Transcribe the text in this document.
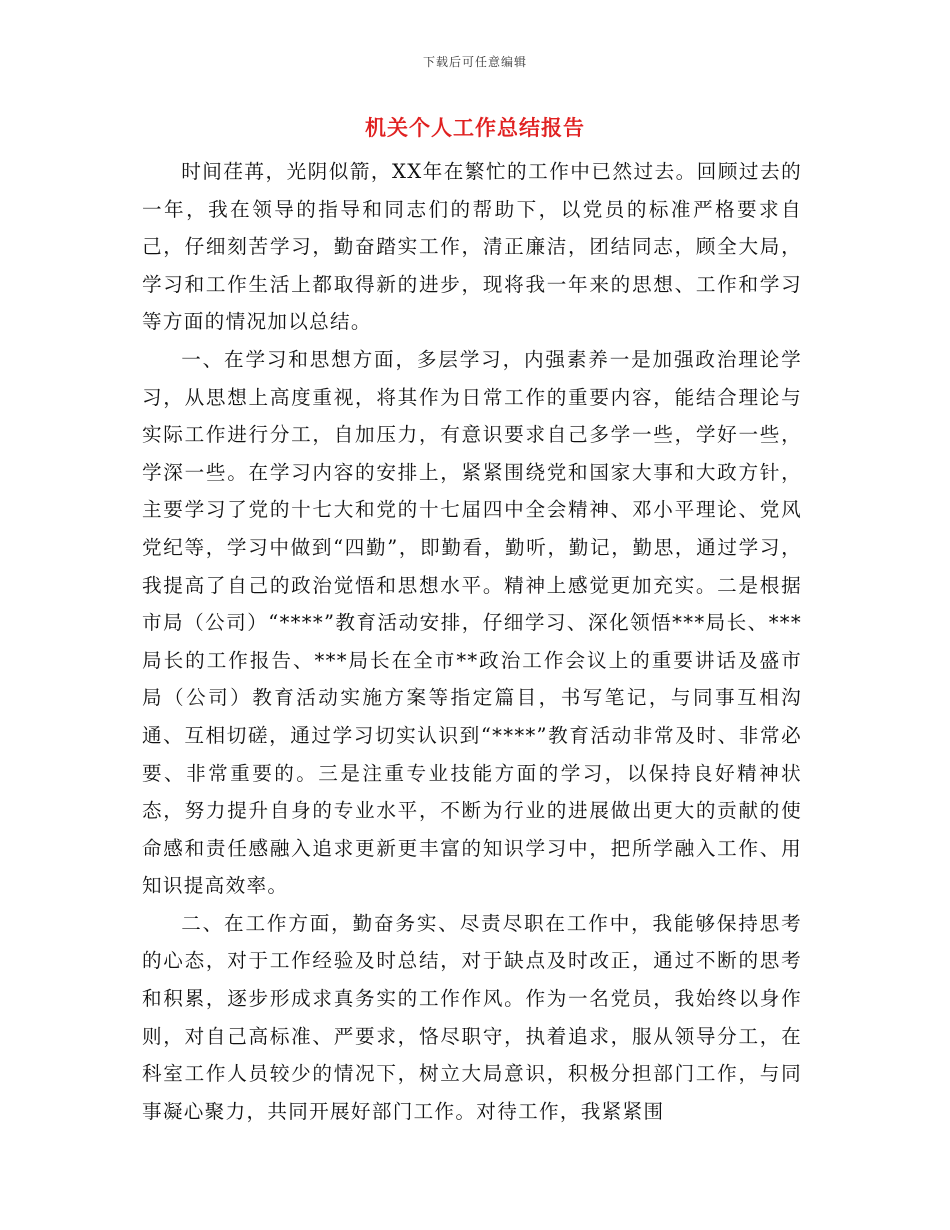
下载后可任意编辑
机关个人工作总结报告

时间荏苒，光阴似箭，XX年在繁忙的工作中已然过去。回顾过去的一年，我在领导的指导和同志们的帮助下，以党员的标准严格要求自己，仔细刻苦学习，勤奋踏实工作，清正廉洁，团结同志，顾全大局，学习和工作生活上都取得新的进步，现将我一年来的思想、工作和学习等方面的情况加以总结。

一、在学习和思想方面，多层学习，内强素养一是加强政治理论学习，从思想上高度重视，将其作为日常工作的重要内容，能结合理论与实际工作进行分工，自加压力，有意识要求自己多学一些，学好一些，学深一些。在学习内容的安排上，紧紧围绕党和国家大事和大政方针，主要学习了党的十七大和党的十七届四中全会精神、邓小平理论、党风党纪等，学习中做到“四勤”，即勤看，勤听，勤记，勤思，通过学习，我提高了自己的政治觉悟和思想水平。精神上感觉更加充实。二是根据市局（公司）“****”教育活动安排，仔细学习、深化领悟***局长、***局长的工作报告、***局长在全市**政治工作会议上的重要讲话及盛市局（公司）教育活动实施方案等指定篇目，书写笔记，与同事互相沟通、互相切磋，通过学习切实认识到“****”教育活动非常及时、非常必要、非常重要的。三是注重专业技能方面的学习，以保持良好精神状态，努力提升自身的专业水平，不断为行业的进展做出更大的贡献的使命感和责任感融入追求更新更丰富的知识学习中，把所学融入工作、用知识提高效率。

二、在工作方面，勤奋务实、尽责尽职在工作中，我能够保持思考的心态，对于工作经验及时总结，对于缺点及时改正，通过不断的思考和积累，逐步形成求真务实的工作作风。作为一名党员，我始终以身作则，对自己高标准、严要求，恪尽职守，执着追求，服从领导分工，在科室工作人员较少的情况下，树立大局意识，积极分担部门工作，与同事凝心聚力，共同开展好部门工作。对待工作，我紧紧围
